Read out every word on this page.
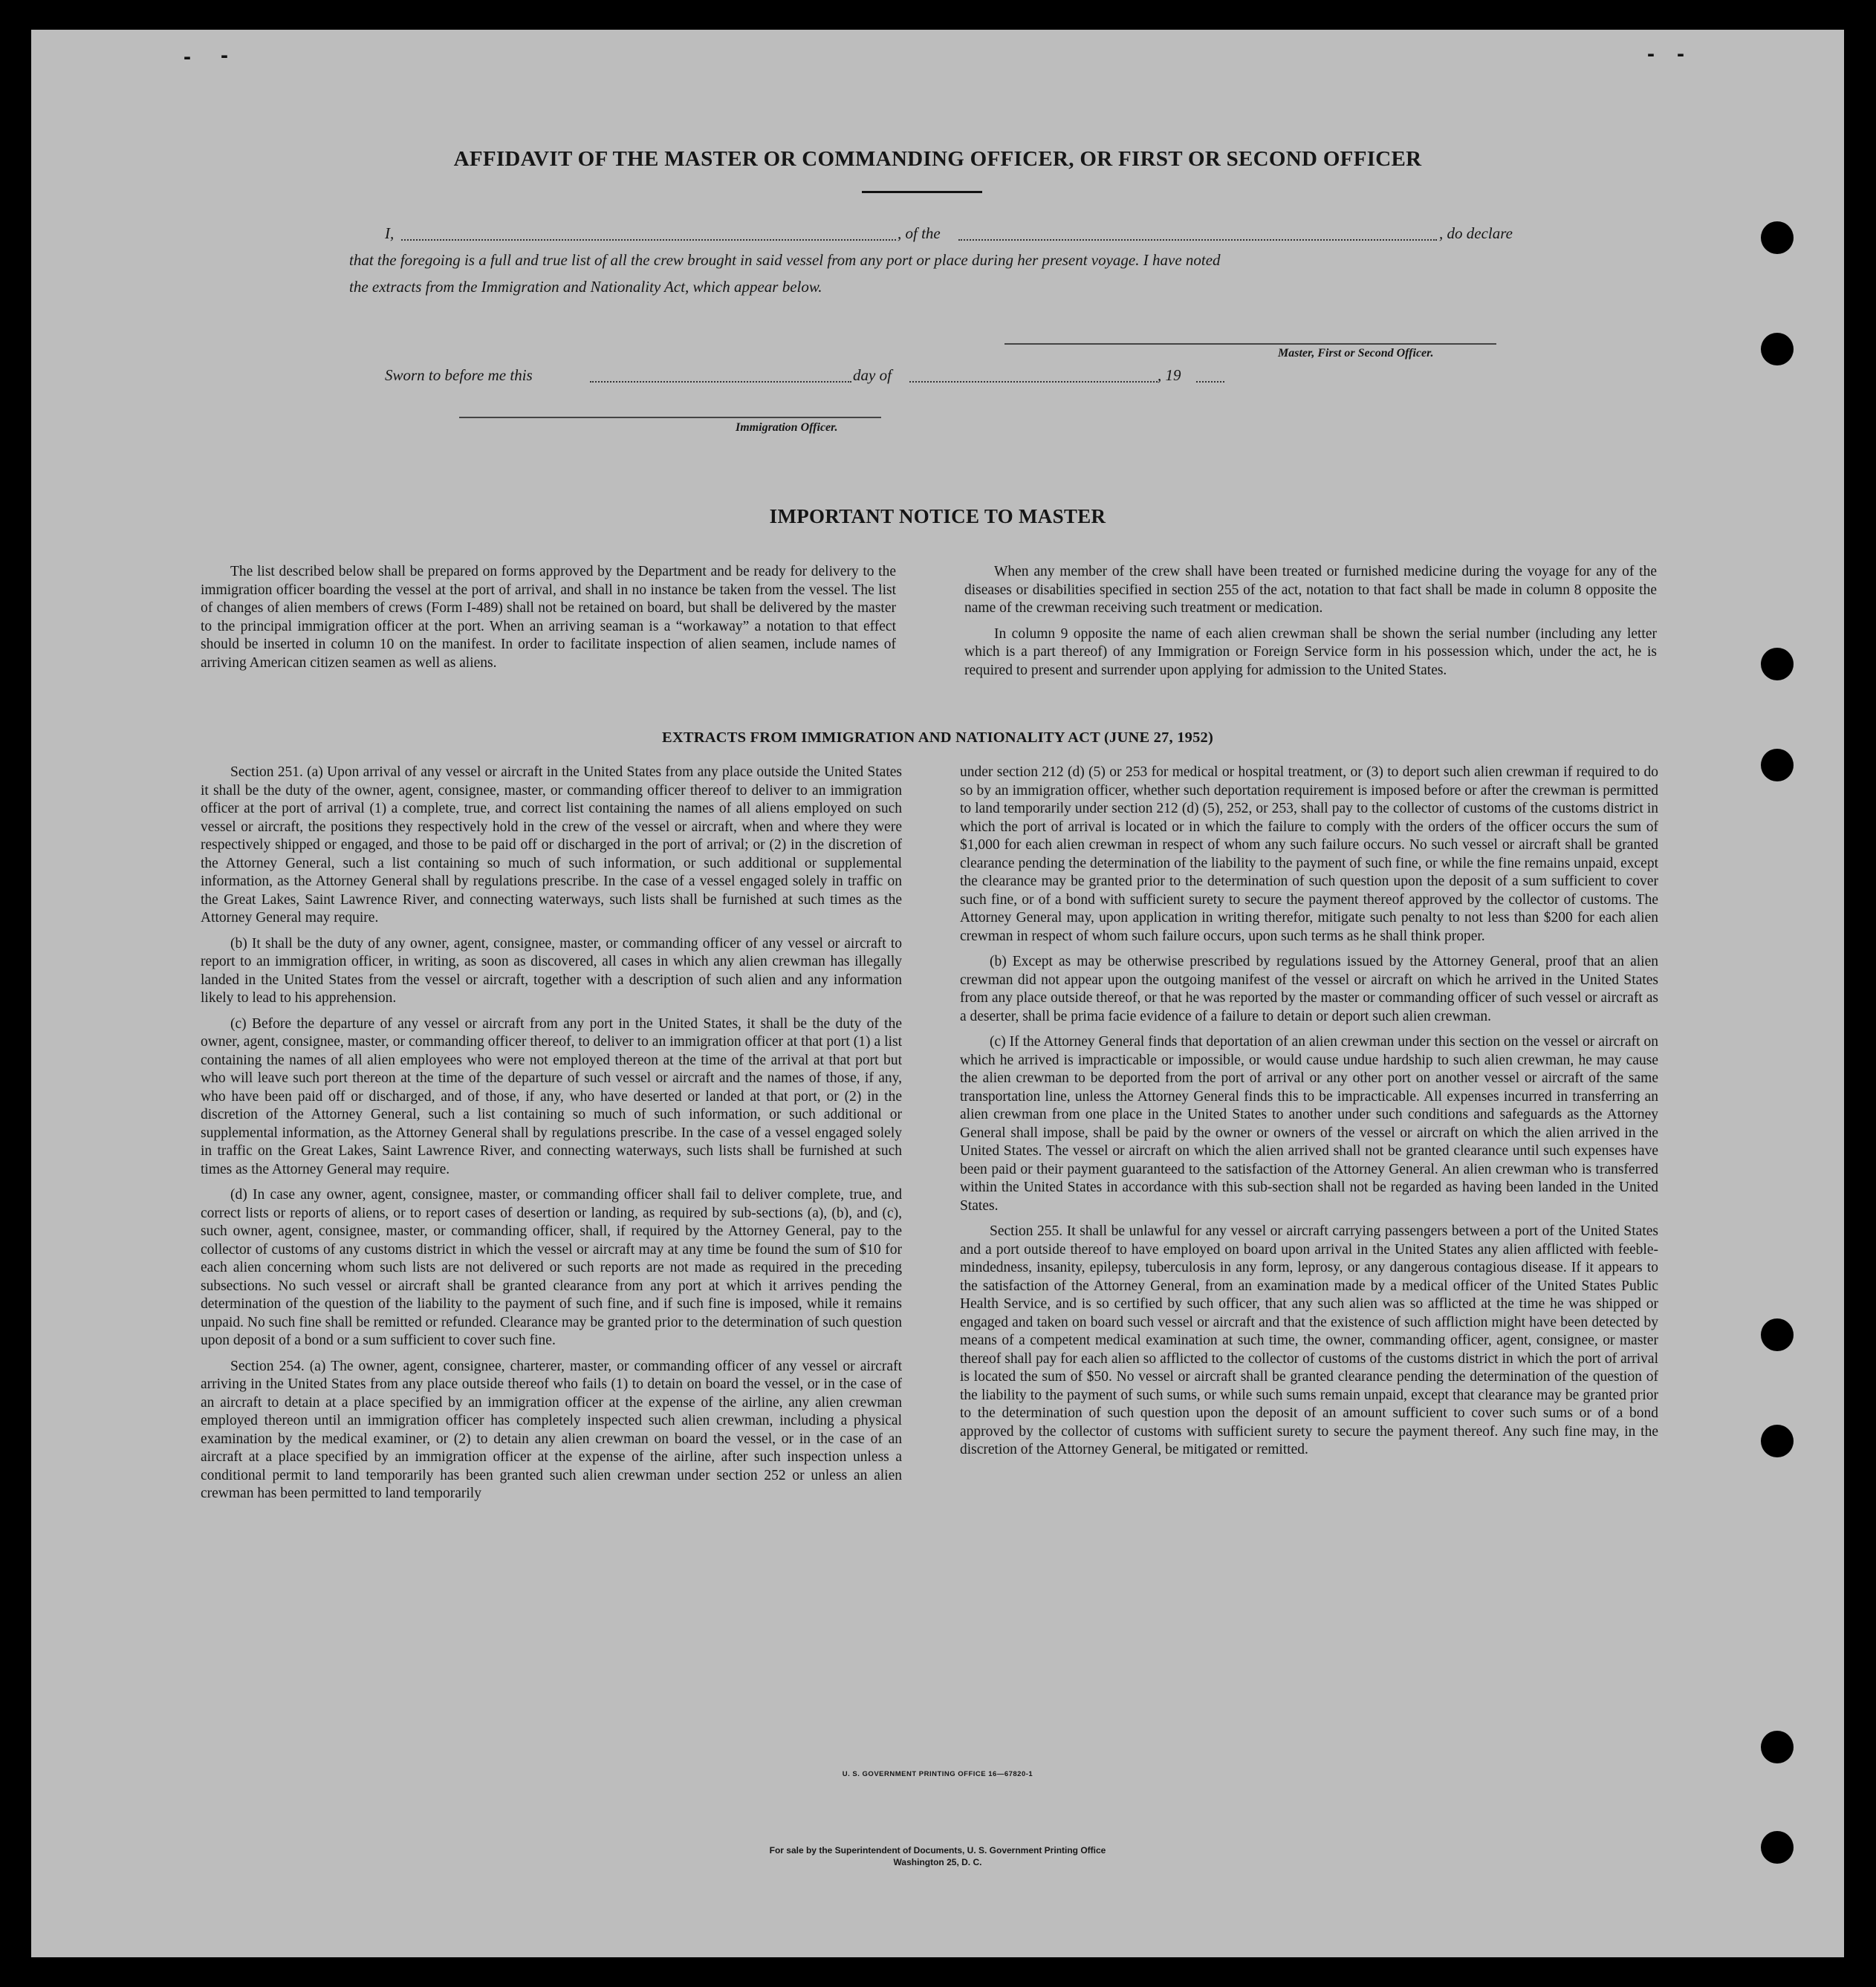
- -	- -
AFFIDAVIT OF THE MASTER OR COMMANDING OFFICER, OR FIRST OR SECOND OFFICER
I,	, of the	, do declare
that the foregoing is a full and true list of all the crew brought in said vessel from any port or place during her present voyage. I have noted
the extracts from the Immigration and Nationality Act, which appear below.
Master, First or Second Officer.
Sworn to before me this	day of	, 19
Immigration Officer.
IMPORTANT NOTICE TO MASTER

The list described below shall be prepared on forms approved by the Department and be ready for delivery to the immigration officer boarding the vessel at the port of arrival, and shall in no instance be taken from the vessel. The list of changes of alien members of crews (Form I-489) shall not be retained on board, but shall be delivered by the master to the principal immigration officer at the port. When an arriving seaman is a “workaway” a notation to that effect should be inserted in column 10 on the manifest. In order to facilitate inspection of alien seamen, include names of arriving American citizen seamen as well as aliens.

When any member of the crew shall have been treated or furnished medicine during the voyage for any of the diseases or disabilities specified in section 255 of the act, notation to that fact shall be made in column 8 opposite the name of the crewman receiving such treatment or medication.

In column 9 opposite the name of each alien crewman shall be shown the serial number (including any letter which is a part thereof) of any Immigration or Foreign Service form in his possession which, under the act, he is required to present and surrender upon applying for admission to the United States.

EXTRACTS FROM IMMIGRATION AND NATIONALITY ACT (JUNE 27, 1952)

Section 251. (a) Upon arrival of any vessel or aircraft in the United States from any place outside the United States it shall be the duty of the owner, agent, consignee, master, or commanding officer thereof to deliver to an immigration officer at the port of arrival (1) a complete, true, and correct list containing the names of all aliens employed on such vessel or aircraft, the positions they respectively hold in the crew of the vessel or aircraft, when and where they were respectively shipped or engaged, and those to be paid off or discharged in the port of arrival; or (2) in the discretion of the Attorney General, such a list containing so much of such information, or such additional or supplemental information, as the Attorney General shall by regulations prescribe. In the case of a vessel engaged solely in traffic on the Great Lakes, Saint Lawrence River, and connecting waterways, such lists shall be furnished at such times as the Attorney General may require.

(b) It shall be the duty of any owner, agent, consignee, master, or commanding officer of any vessel or aircraft to report to an immigration officer, in writing, as soon as discovered, all cases in which any alien crewman has illegally landed in the United States from the vessel or aircraft, together with a description of such alien and any information likely to lead to his apprehension.

(c) Before the departure of any vessel or aircraft from any port in the United States, it shall be the duty of the owner, agent, consignee, master, or commanding officer thereof, to deliver to an immigration officer at that port (1) a list containing the names of all alien employees who were not employed thereon at the time of the arrival at that port but who will leave such port thereon at the time of the departure of such vessel or aircraft and the names of those, if any, who have been paid off or discharged, and of those, if any, who have deserted or landed at that port, or (2) in the discretion of the Attorney General, such a list containing so much of such information, or such additional or supplemental information, as the Attorney General shall by regulations prescribe. In the case of a vessel engaged solely in traffic on the Great Lakes, Saint Lawrence River, and connecting waterways, such lists shall be furnished at such times as the Attorney General may require.

(d) In case any owner, agent, consignee, master, or commanding officer shall fail to deliver complete, true, and correct lists or reports of aliens, or to report cases of desertion or landing, as required by sub-sections (a), (b), and (c), such owner, agent, consignee, master, or commanding officer, shall, if required by the Attorney General, pay to the collector of customs of any customs district in which the vessel or aircraft may at any time be found the sum of $10 for each alien concerning whom such lists are not delivered or such reports are not made as required in the preceding subsections. No such vessel or aircraft shall be granted clearance from any port at which it arrives pending the determination of the question of the liability to the payment of such fine, and if such fine is imposed, while it remains unpaid. No such fine shall be remitted or refunded. Clearance may be granted prior to the determination of such question upon deposit of a bond or a sum sufficient to cover such fine.

Section 254. (a) The owner, agent, consignee, charterer, master, or commanding officer of any vessel or aircraft arriving in the United States from any place outside thereof who fails (1) to detain on board the vessel, or in the case of an aircraft to detain at a place specified by an immigration officer at the expense of the airline, any alien crewman employed thereon until an immigration officer has completely inspected such alien crewman, including a physical examination by the medical examiner, or (2) to detain any alien crewman on board the vessel, or in the case of an aircraft at a place specified by an immigration officer at the expense of the airline, after such inspection unless a conditional permit to land temporarily has been granted such alien crewman under section 252 or unless an alien crewman has been permitted to land temporarily

under section 212 (d) (5) or 253 for medical or hospital treatment, or (3) to deport such alien crewman if required to do so by an immigration officer, whether such deportation requirement is imposed before or after the crewman is permitted to land temporarily under section 212 (d) (5), 252, or 253, shall pay to the collector of customs of the customs district in which the port of arrival is located or in which the failure to comply with the orders of the officer occurs the sum of $1,000 for each alien crewman in respect of whom any such failure occurs. No such vessel or aircraft shall be granted clearance pending the determination of the liability to the payment of such fine, or while the fine remains unpaid, except the clearance may be granted prior to the determination of such question upon the deposit of a sum sufficient to cover such fine, or of a bond with sufficient surety to secure the payment thereof approved by the collector of customs. The Attorney General may, upon application in writing therefor, mitigate such penalty to not less than $200 for each alien crewman in respect of whom such failure occurs, upon such terms as he shall think proper.

(b) Except as may be otherwise prescribed by regulations issued by the Attorney General, proof that an alien crewman did not appear upon the outgoing manifest of the vessel or aircraft on which he arrived in the United States from any place outside thereof, or that he was reported by the master or commanding officer of such vessel or aircraft as a deserter, shall be prima facie evidence of a failure to detain or deport such alien crewman.

(c) If the Attorney General finds that deportation of an alien crewman under this section on the vessel or aircraft on which he arrived is impracticable or impossible, or would cause undue hardship to such alien crewman, he may cause the alien crewman to be deported from the port of arrival or any other port on another vessel or aircraft of the same transportation line, unless the Attorney General finds this to be impracticable. All expenses incurred in transferring an alien crewman from one place in the United States to another under such conditions and safeguards as the Attorney General shall impose, shall be paid by the owner or owners of the vessel or aircraft on which the alien arrived in the United States. The vessel or aircraft on which the alien arrived shall not be granted clearance until such expenses have been paid or their payment guaranteed to the satisfaction of the Attorney General. An alien crewman who is transferred within the United States in accordance with this sub-section shall not be regarded as having been landed in the United States.

Section 255. It shall be unlawful for any vessel or aircraft carrying passengers between a port of the United States and a port outside thereof to have employed on board upon arrival in the United States any alien afflicted with feeble-mindedness, insanity, epilepsy, tuberculosis in any form, leprosy, or any dangerous contagious disease. If it appears to the satisfaction of the Attorney General, from an examination made by a medical officer of the United States Public Health Service, and is so certified by such officer, that any such alien was so afflicted at the time he was shipped or engaged and taken on board such vessel or aircraft and that the existence of such affliction might have been detected by means of a competent medical examination at such time, the owner, commanding officer, agent, consignee, or master thereof shall pay for each alien so afflicted to the collector of customs of the customs district in which the port of arrival is located the sum of $50. No vessel or aircraft shall be granted clearance pending the determination of the question of the liability to the payment of such sums, or while such sums remain unpaid, except that clearance may be granted prior to the determination of such question upon the deposit of an amount sufficient to cover such sums or of a bond approved by the collector of customs with sufficient surety to secure the payment thereof. Any such fine may, in the discretion of the Attorney General, be mitigated or remitted.

U. S. GOVERNMENT PRINTING OFFICE 16—67820-1
For sale by the Superintendent of Documents, U. S. Government Printing Office
Washington 25, D. C.
